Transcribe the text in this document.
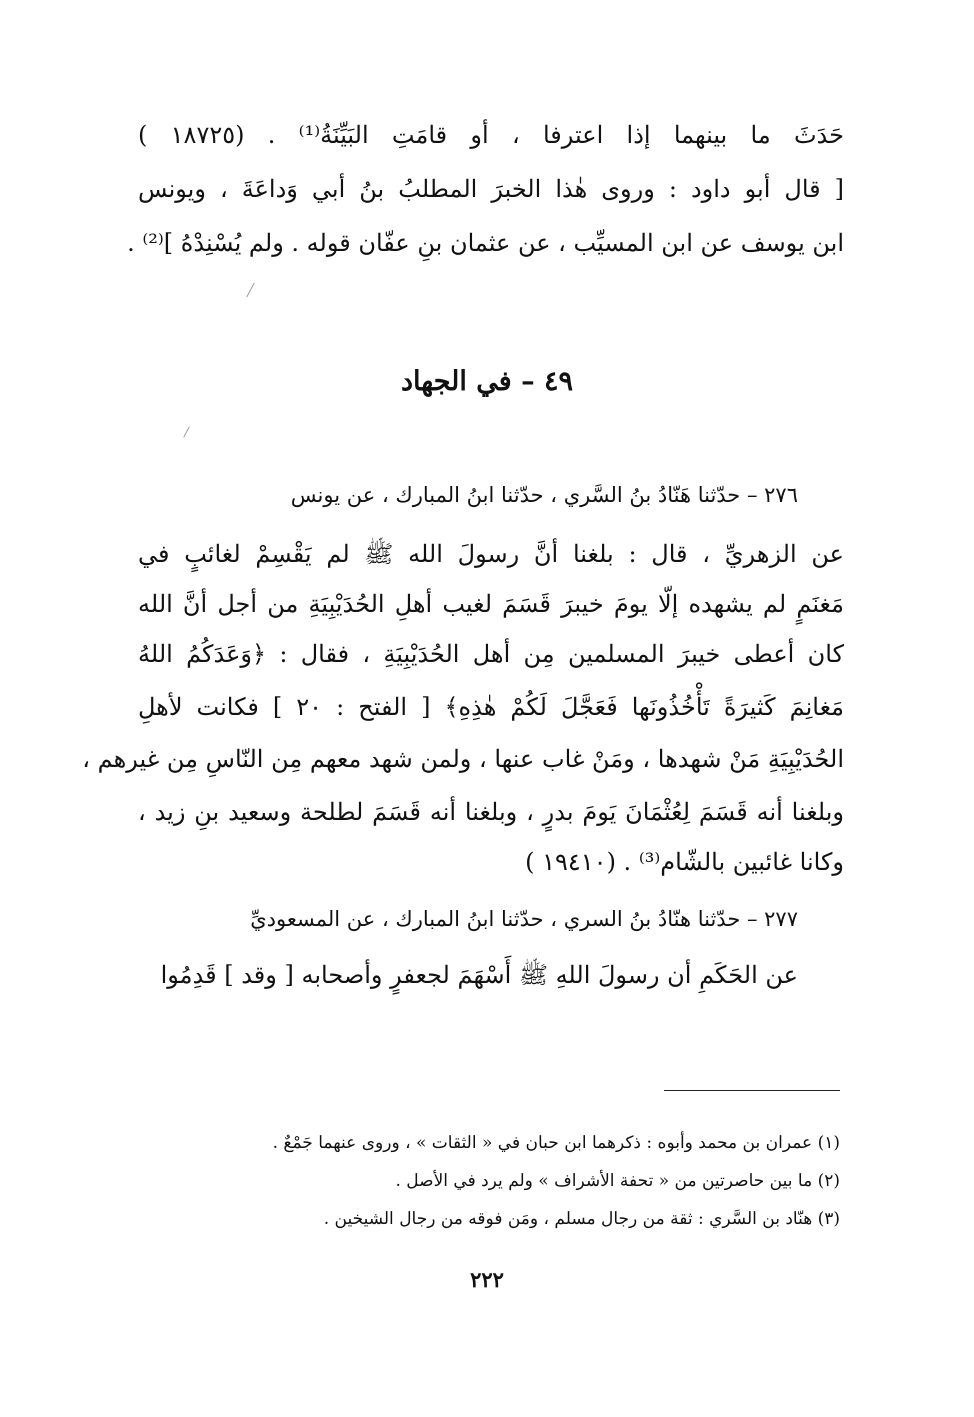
حَدَثَ ما بينهما إذا اعترفا ، أو قامَتِ البَيِّنَةُ⁽¹⁾ . (١٨٧٢٥ )
[ قال أبو داود : وروى هٰذا الخبرَ المطلبُ بنُ أبي وَداعَةَ ، ويونس
ابن يوسف عن ابن المسيِّب ، عن عثمان بنِ عفّان قوله . ولم يُسْنِدْهُ ]⁽²⁾ .
٤٩ – في الجهاد
٢٧٦ – حدّثنا هَنّادُ بنُ السَّري ، حدّثنا ابنُ المبارك ، عن يونس
عن الزهريِّ ، قال : بلغنا أنَّ رسولَ الله ﷺ لم يَقْسِمْ لغائبٍ في
مَغنَمٍ لم يشهده إلّا يومَ خيبرَ قَسَمَ لغيب أهلِ الحُدَيْبِيَةِ من أجل أنَّ الله
كان أعطى خيبرَ المسلمين مِن أهل الحُدَيْبِيَةِ ، فقال : ﴿وَعَدَكُمُ اللهُ
مَغانِمَ كَثيرَةً تَأْخُذُونَها فَعَجَّلَ لَكُمْ هٰذِهِ﴾ [ الفتح : ٢٠ ] فكانت لأهلِ
الحُدَيْبِيَةِ مَنْ شهدها ، ومَنْ غاب عنها ، ولمن شهد معهم مِن النّاسِ مِن غيرهم ،
وبلغنا أنه قَسَمَ لِعُثْمَانَ يَومَ بدرٍ ، وبلغنا أنه قَسَمَ لطلحة وسعيد بنِ زيد ،
وكانا غائبين بالشّام⁽³⁾ . (١٩٤١٠ )
٢٧٧ – حدّثنا هنّادُ بنُ السري ، حدّثنا ابنُ المبارك ، عن المسعوديِّ
عن الحَكَمِ أن رسولَ اللهِ ﷺ أَسْهَمَ لجعفرٍ وأصحابه [ وقد ] قَدِمُوا
(١) عمران بن محمد وأبوه : ذكرهما ابن حبان في « الثقات » ، وروى عنهما جَمْعٌ .
(٢) ما بين حاصرتين من « تحفة الأشراف » ولم يرد في الأصل .
(٣) هنّاد بن السَّري : ثقة من رجال مسلم ، ومَن فوقه من رجال الشيخين .
٢٢٢
